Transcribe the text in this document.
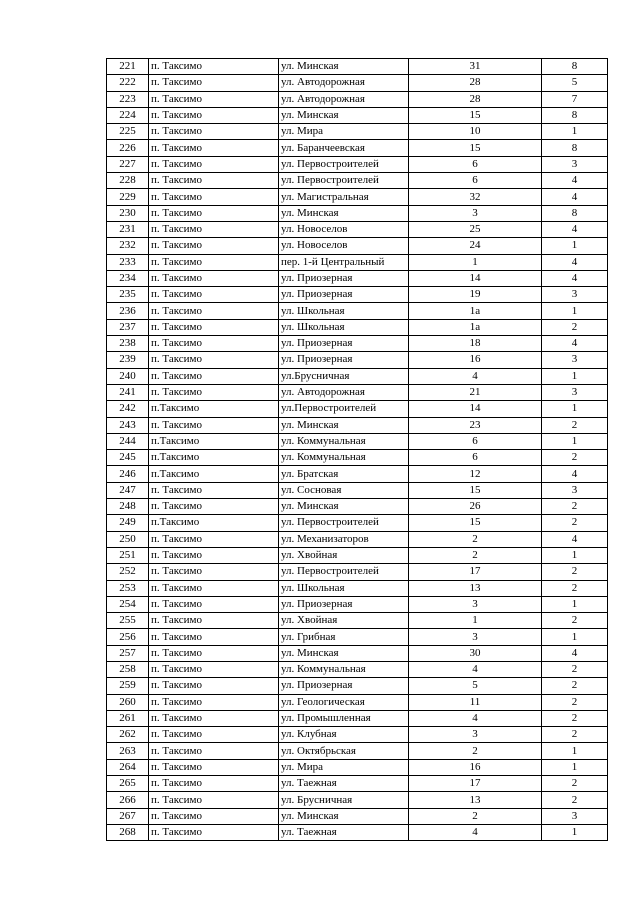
221	п. Таксимо	ул. Минская	31	8
222	п. Таксимо	ул. Автодорожная	28	5
223	п. Таксимо	ул. Автодорожная	28	7
224	п. Таксимо	ул. Минская	15	8
225	п. Таксимо	ул. Мира	10	1
226	п. Таксимо	ул. Баранчеевская	15	8
227	п. Таксимо	ул. Первостроителей	6	3
228	п. Таксимо	ул. Первостроителей	6	4
229	п. Таксимо	ул. Магистральная	32	4
230	п. Таксимо	ул. Минская	3	8
231	п. Таксимо	ул. Новоселов	25	4
232	п. Таксимо	ул. Новоселов	24	1
233	п. Таксимо	пер. 1-й Центральный	1	4
234	п. Таксимо	ул. Приозерная	14	4
235	п. Таксимо	ул. Приозерная	19	3
236	п. Таксимо	ул. Школьная	1а	1
237	п. Таксимо	ул. Школьная	1а	2
238	п. Таксимо	ул. Приозерная	18	4
239	п. Таксимо	ул. Приозерная	16	3
240	п. Таксимо	ул.Брусничная	4	1
241	п. Таксимо	ул. Автодорожная	21	3
242	п.Таксимо	ул.Первостроителей	14	1
243	п. Таксимо	ул. Минская	23	2
244	п.Таксимо	ул. Коммунальная	6	1
245	п.Таксимо	ул. Коммунальная	6	2
246	п.Таксимо	ул. Братская	12	4
247	п. Таксимо	ул. Сосновая	15	3
248	п. Таксимо	ул. Минская	26	2
249	п.Таксимо	ул. Первостроителей	15	2
250	п. Таксимо	ул. Механизаторов	2	4
251	п. Таксимо	ул. Хвойная	2	1
252	п. Таксимо	ул. Первостроителей	17	2
253	п. Таксимо	ул. Школьная	13	2
254	п. Таксимо	ул. Приозерная	3	1
255	п. Таксимо	ул. Хвойная	1	2
256	п. Таксимо	ул. Грибная	3	1
257	п. Таксимо	ул. Минская	30	4
258	п. Таксимо	ул. Коммунальная	4	2
259	п. Таксимо	ул. Приозерная	5	2
260	п. Таксимо	ул. Геологическая	11	2
261	п. Таксимо	ул. Промышленная	4	2
262	п. Таксимо	ул. Клубная	3	2
263	п. Таксимо	ул. Октябрьская	2	1
264	п. Таксимо	ул. Мира	16	1
265	п. Таксимо	ул. Таежная	17	2
266	п. Таксимо	ул. Брусничная	13	2
267	п. Таксимо	ул. Минская	2	3
268	п. Таксимо	ул. Таежная	4	1
